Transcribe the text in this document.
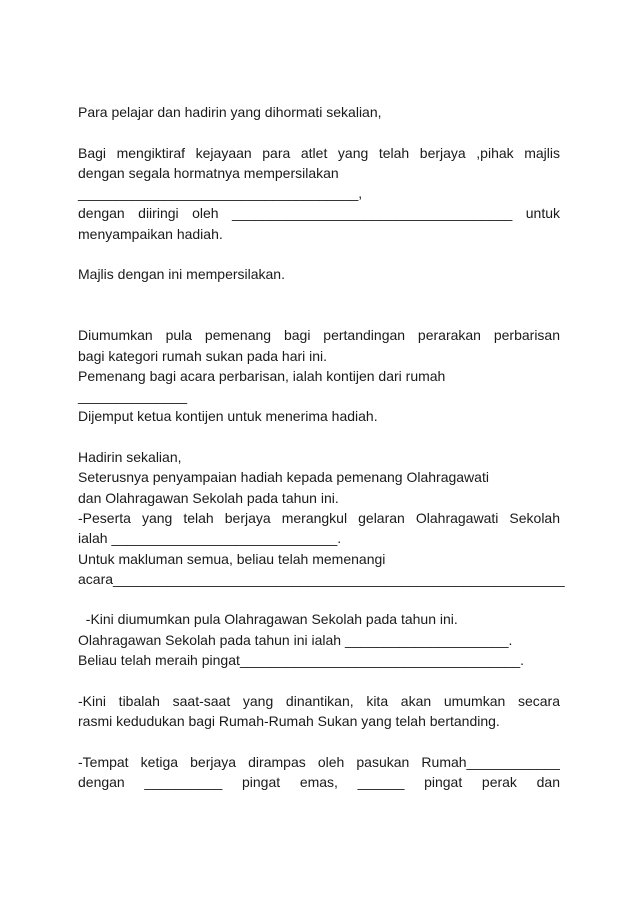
Para pelajar dan hadirin yang dihormati sekalian,
Bagi mengiktiraf kejayaan para atlet yang telah berjaya ,pihak majlis
dengan segala hormatnya mempersilakan
____________________________________,
dengan diiringi oleh ____________________________________ untuk
menyampaikan hadiah.
Majlis dengan ini mempersilakan.
Diumumkan pula pemenang bagi pertandingan perarakan perbarisan
bagi kategori rumah sukan pada hari ini.
Pemenang bagi acara perbarisan, ialah kontijen dari rumah
______________
Dijemput ketua kontijen untuk menerima hadiah.
Hadirin sekalian,
Seterusnya penyampaian hadiah kepada pemenang Olahragawati
dan Olahragawan Sekolah pada tahun ini.
-Peserta yang telah berjaya merangkul gelaran Olahragawati Sekolah
ialah _____________________________.
Untuk makluman semua, beliau telah memenangi
acara__________________________________________________________
-Kini diumumkan pula Olahragawan Sekolah pada tahun ini.
Olahragawan Sekolah pada tahun ini ialah _____________________.
Beliau telah meraih pingat____________________________________.
-Kini tibalah saat-saat yang dinantikan, kita akan umumkan secara
rasmi kedudukan bagi Rumah-Rumah Sukan yang telah bertanding.
-Tempat ketiga berjaya dirampas oleh pasukan Rumah____________
dengan __________ pingat emas, ______ pingat perak dan
